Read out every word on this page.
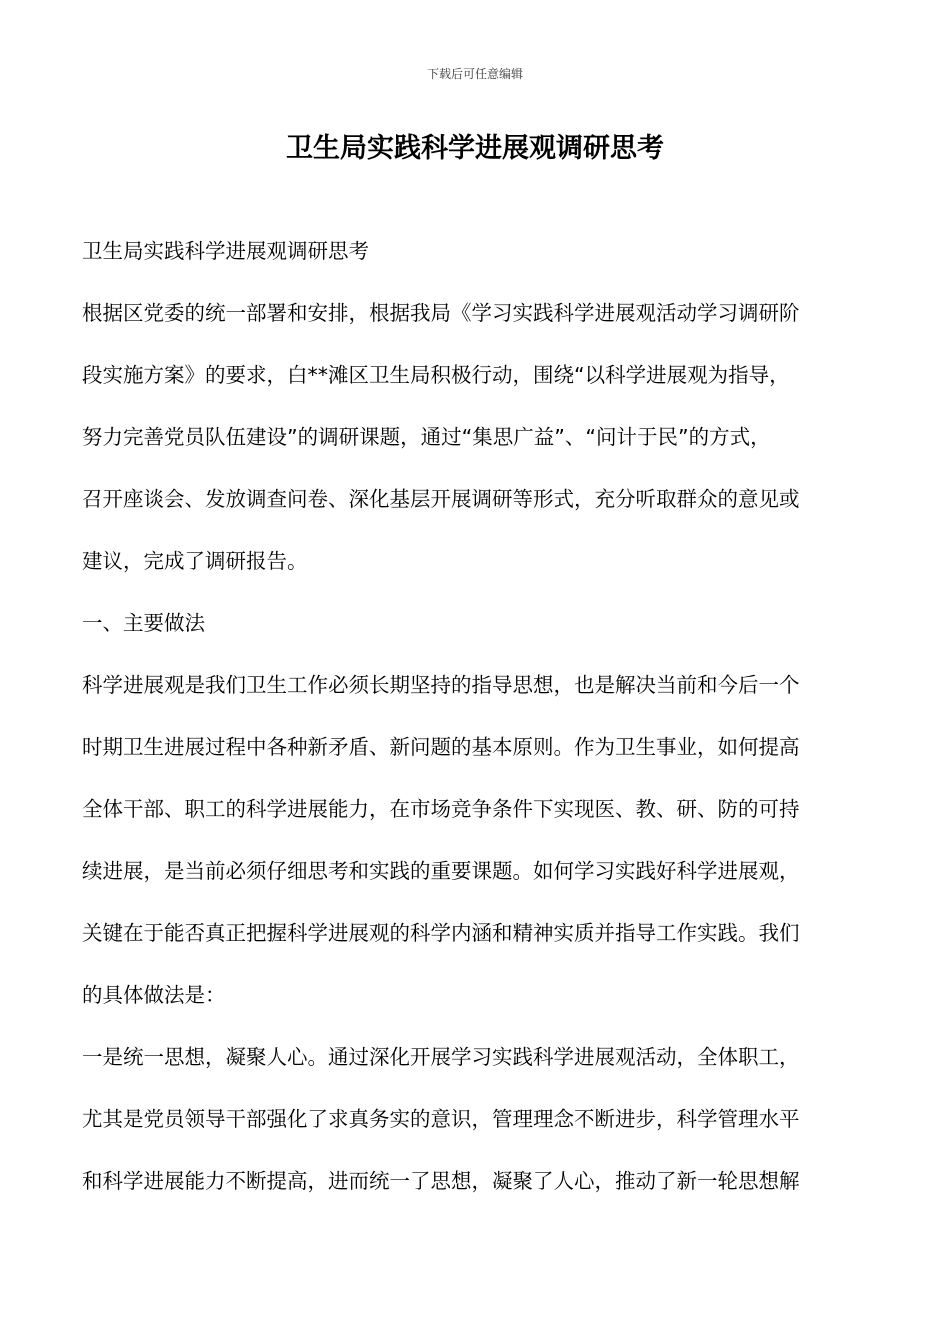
下载后可任意编辑
卫生局实践科学进展观调研思考

卫生局实践科学进展观调研思考

根据区党委的统一部署和安排，根据我局《学习实践科学进展观活动学习调研阶
段实施方案》的要求，白**滩区卫生局积极行动，围绕“以科学进展观为指导，
努力完善党员队伍建设”的调研课题，通过“集思广益”、“问计于民”的方式，
召开座谈会、发放调查问卷、深化基层开展调研等形式，充分听取群众的意见或
建议，完成了调研报告。

一、主要做法

科学进展观是我们卫生工作必须长期坚持的指导思想，也是解决当前和今后一个
时期卫生进展过程中各种新矛盾、新问题的基本原则。作为卫生事业，如何提高
全体干部、职工的科学进展能力，在市场竞争条件下实现医、教、研、防的可持
续进展，是当前必须仔细思考和实践的重要课题。如何学习实践好科学进展观，
关键在于能否真正把握科学进展观的科学内涵和精神实质并指导工作实践。我们
的具体做法是：

一是统一思想，凝聚人心。通过深化开展学习实践科学进展观活动，全体职工，
尤其是党员领导干部强化了求真务实的意识，管理理念不断进步，科学管理水平
和科学进展能力不断提高，进而统一了思想，凝聚了人心，推动了新一轮思想解
